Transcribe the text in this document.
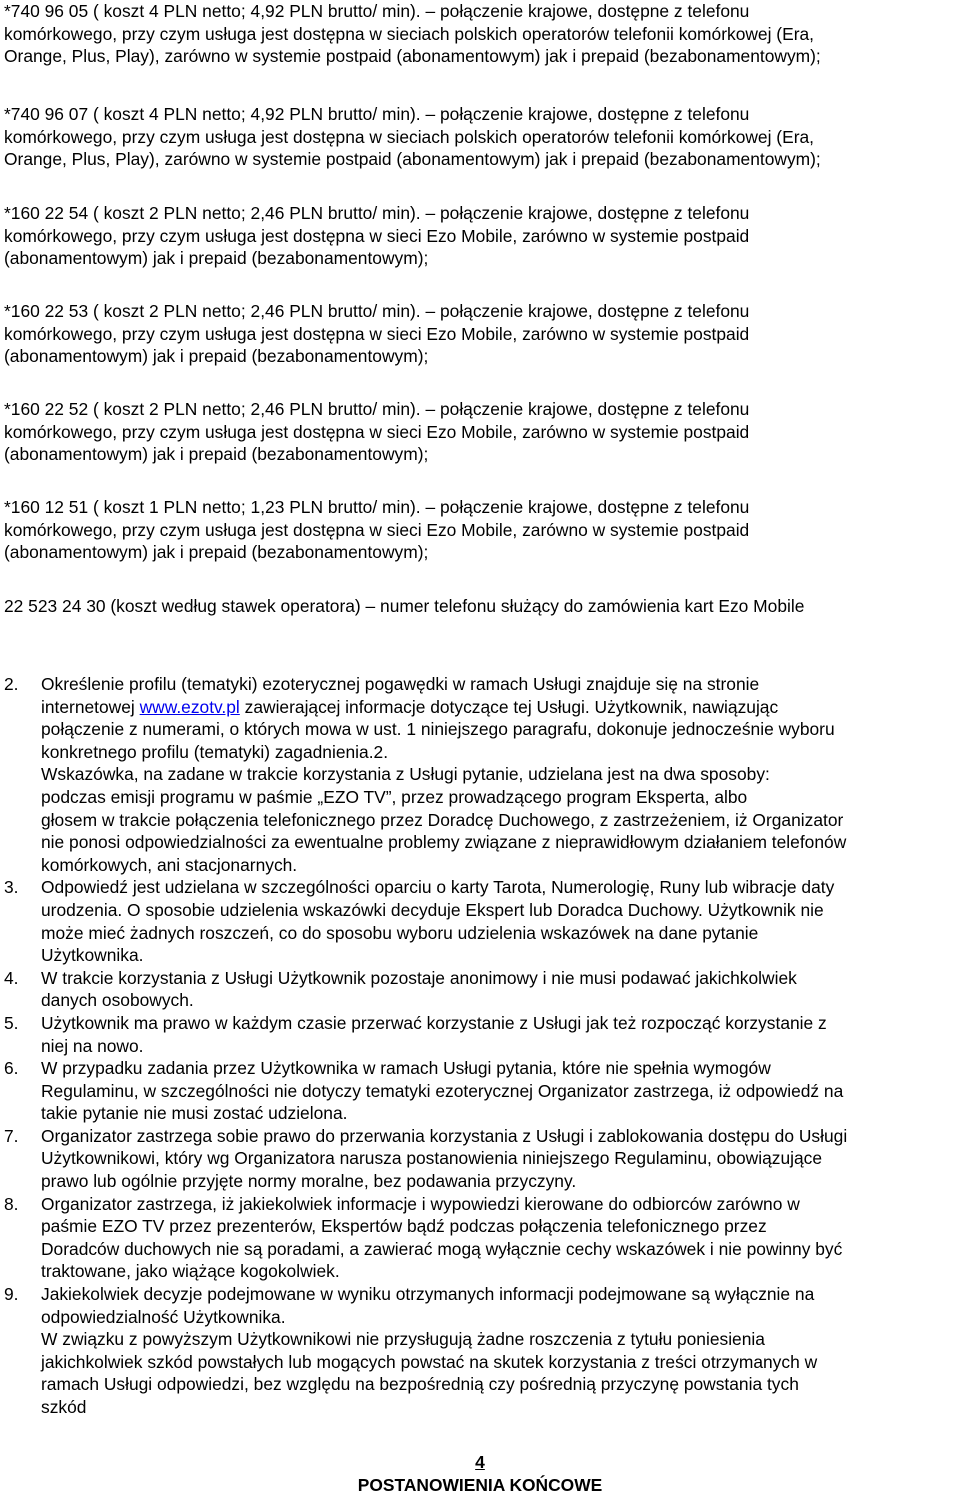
*740 96 05 ( koszt 4 PLN netto; 4,92 PLN brutto/ min). – połączenie krajowe, dostępne z telefonu
komórkowego, przy czym usługa jest dostępna w sieciach polskich operatorów telefonii komórkowej (Era,
Orange, Plus, Play), zarówno w systemie postpaid (abonamentowym) jak i prepaid (bezabonamentowym);
*740 96 07 ( koszt 4 PLN netto; 4,92 PLN brutto/ min). – połączenie krajowe, dostępne z telefonu
komórkowego, przy czym usługa jest dostępna w sieciach polskich operatorów telefonii komórkowej (Era,
Orange, Plus, Play), zarówno w systemie postpaid (abonamentowym) jak i prepaid (bezabonamentowym);
*160 22 54 ( koszt 2 PLN netto; 2,46 PLN brutto/ min). – połączenie krajowe, dostępne z telefonu
komórkowego, przy czym usługa jest dostępna w sieci Ezo Mobile, zarówno w systemie postpaid
(abonamentowym) jak i prepaid (bezabonamentowym);
*160 22 53 ( koszt 2 PLN netto; 2,46 PLN brutto/ min). – połączenie krajowe, dostępne z telefonu
komórkowego, przy czym usługa jest dostępna w sieci Ezo Mobile, zarówno w systemie postpaid
(abonamentowym) jak i prepaid (bezabonamentowym);
*160 22 52 ( koszt 2 PLN netto; 2,46 PLN brutto/ min). – połączenie krajowe, dostępne z telefonu
komórkowego, przy czym usługa jest dostępna w sieci Ezo Mobile, zarówno w systemie postpaid
(abonamentowym) jak i prepaid (bezabonamentowym);
*160 12 51 ( koszt 1 PLN netto; 1,23 PLN brutto/ min). – połączenie krajowe, dostępne z telefonu
komórkowego, przy czym usługa jest dostępna w sieci Ezo Mobile, zarówno w systemie postpaid
(abonamentowym) jak i prepaid (bezabonamentowym);
22 523 24 30 (koszt według stawek operatora) – numer telefonu służący do zamówienia kart Ezo Mobile
2. Określenie profilu (tematyki) ezoterycznej pogawędki w ramach Usługi znajduje się na stronie
internetowej www.ezotv.pl zawierającej informacje dotyczące tej Usługi. Użytkownik, nawiązując
połączenie z numerami, o których mowa w ust. 1 niniejszego paragrafu, dokonuje jednocześnie wyboru
konkretnego profilu (tematyki) zagadnienia.2.
Wskazówka, na zadane w trakcie korzystania z Usługi pytanie, udzielana jest na dwa sposoby:
podczas emisji programu w paśmie „EZO TV”, przez prowadzącego program Eksperta, albo
głosem w trakcie połączenia telefonicznego przez Doradcę Duchowego, z zastrzeżeniem, iż Organizator
nie ponosi odpowiedzialności za ewentualne problemy związane z nieprawidłowym działaniem telefonów
komórkowych, ani stacjonarnych.
3. Odpowiedź jest udzielana w szczególności oparciu o karty Tarota, Numerologię, Runy lub wibracje daty
urodzenia. O sposobie udzielenia wskazówki decyduje Ekspert lub Doradca Duchowy. Użytkownik nie
może mieć żadnych roszczeń, co do sposobu wyboru udzielenia wskazówek na dane pytanie
Użytkownika.
4. W trakcie korzystania z Usługi Użytkownik pozostaje anonimowy i nie musi podawać jakichkolwiek
danych osobowych.
5. Użytkownik ma prawo w każdym czasie przerwać korzystanie z Usługi jak też rozpocząć korzystanie z
niej na nowo.
6. W przypadku zadania przez Użytkownika w ramach Usługi pytania, które nie spełnia wymogów
Regulaminu, w szczególności nie dotyczy tematyki ezoterycznej Organizator zastrzega, iż odpowiedź na
takie pytanie nie musi zostać udzielona.
7. Organizator zastrzega sobie prawo do przerwania korzystania z Usługi i zablokowania dostępu do Usługi
Użytkownikowi, który wg Organizatora narusza postanowienia niniejszego Regulaminu, obowiązujące
prawo lub ogólnie przyjęte normy moralne, bez podawania przyczyny.
8. Organizator zastrzega, iż jakiekolwiek informacje i wypowiedzi kierowane do odbiorców zarówno w
paśmie EZO TV przez prezenterów, Ekspertów bądź podczas połączenia telefonicznego przez
Doradców duchowych nie są poradami, a zawierać mogą wyłącznie cechy wskazówek i nie powinny być
traktowane, jako wiążące kogokolwiek.
9. Jakiekolwiek decyzje podejmowane w wyniku otrzymanych informacji podejmowane są wyłącznie na
odpowiedzialność Użytkownika.
W związku z powyższym Użytkownikowi nie przysługują żadne roszczenia z tytułu poniesienia
jakichkolwiek szkód powstałych lub mogących powstać na skutek korzystania z treści otrzymanych w
ramach Usługi odpowiedzi, bez względu na bezpośrednią czy pośrednią przyczynę powstania tych
szkód
4
POSTANOWIENIA KOŃCOWE
